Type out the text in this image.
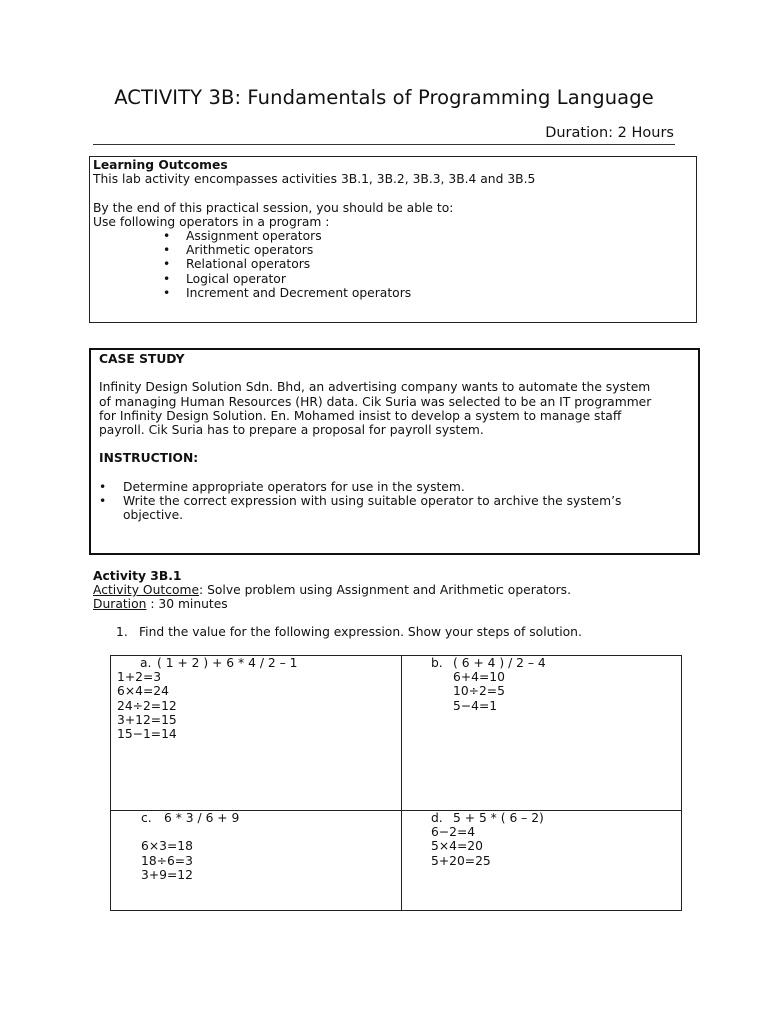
ACTIVITY 3B: Fundamentals of Programming Language
Duration: 2 Hours
Learning Outcomes
This lab activity encompasses activities 3B.1, 3B.2, 3B.3, 3B.4 and 3B.5
By the end of this practical session, you should be able to:
Use following operators in a program :
• Assignment operators
• Arithmetic operators
• Relational operators
• Logical operator
• Increment and Decrement operators
CASE STUDY
Infinity Design Solution Sdn. Bhd, an advertising company wants to automate the system
of managing Human Resources (HR) data. Cik Suria was selected to be an IT programmer
for Infinity Design Solution. En. Mohamed insist to develop a system to manage staff
payroll. Cik Suria has to prepare a proposal for payroll system.
INSTRUCTION:
• Determine appropriate operators for use in the system.
• Write the correct expression with using suitable operator to archive the system’s
objective.
Activity 3B.1
Activity Outcome: Solve problem using Assignment and Arithmetic operators.
Duration : 30 minutes
1. Find the value for the following expression. Show your steps of solution.
a. ( 1 + 2 ) + 6 * 4 / 2 – 1
1+2=3
6×4=24
24÷2=12
3+12=15
15−1=14
b. ( 6 + 4 ) / 2 – 4
6+4=10
10÷2=5
5−4=1
c. 6 * 3 / 6 + 9
6×3=18
18÷6=3
3+9=12
d. 5 + 5 * ( 6 – 2)
6−2=4
5×4=20
5+20=25
